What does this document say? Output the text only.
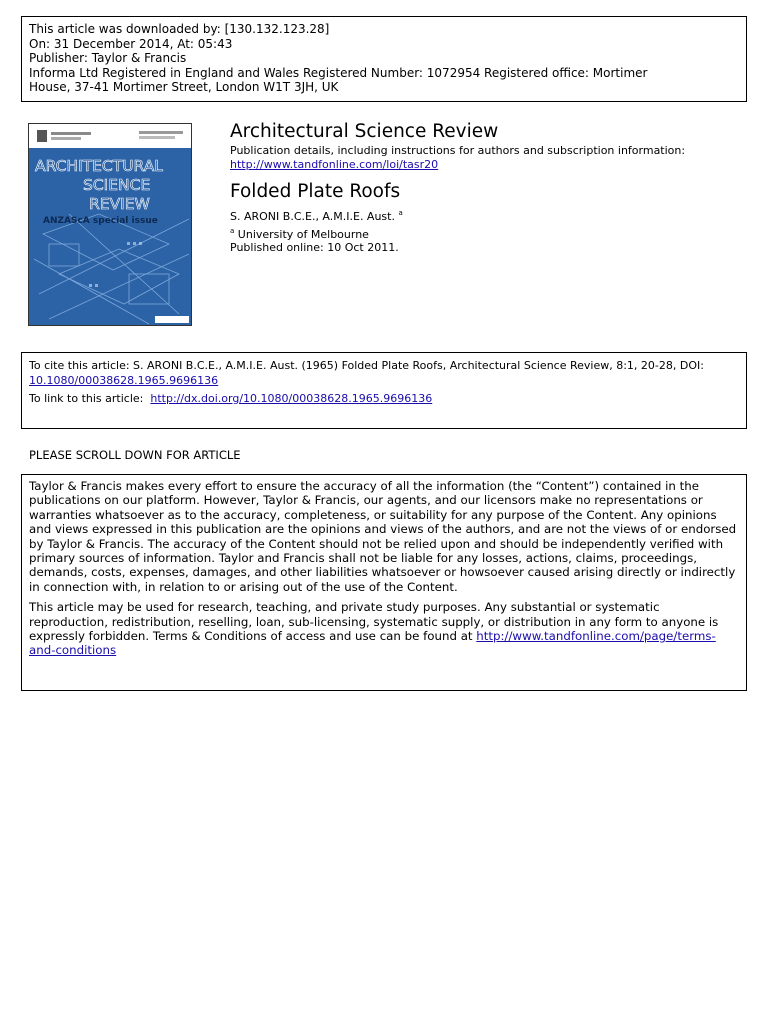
This article was downloaded by: [130.132.123.28]
On: 31 December 2014, At: 05:43
Publisher: Taylor & Francis
Informa Ltd Registered in England and Wales Registered Number: 1072954 Registered office: Mortimer
House, 37-41 Mortimer Street, London W1T 3JH, UK
ARCHITECTURAL
SCIENCE
REVIEW
ANZAScA special issue
Architectural Science Review
Publication details, including instructions for authors and subscription information:
http://www.tandfonline.com/loi/tasr20
Folded Plate Roofs
S. ARONI B.C.E., A.M.I.E. Aust. $^a$
$^a$ University of Melbourne
Published online: 10 Oct 2011.
To cite this article: S. ARONI B.C.E., A.M.I.E. Aust. (1965) Folded Plate Roofs, Architectural Science Review, 8:1, 20-28, DOI: 10.1080/00038628.1965.9696136
To link to this article: http://dx.doi.org/10.1080/00038628.1965.9696136
PLEASE SCROLL DOWN FOR ARTICLE

Taylor & Francis makes every effort to ensure the accuracy of all the information (the “Content”) contained in the publications on our platform. However, Taylor & Francis, our agents, and our licensors make no representations or warranties whatsoever as to the accuracy, completeness, or suitability for any purpose of the Content. Any opinions and views expressed in this publication are the opinions and views of the authors, and are not the views of or endorsed by Taylor & Francis. The accuracy of the Content should not be relied upon and should be independently verified with primary sources of information. Taylor and Francis shall not be liable for any losses, actions, claims, proceedings, demands, costs, expenses, damages, and other liabilities whatsoever or howsoever caused arising directly or indirectly in connection with, in relation to or arising out of the use of the Content.

This article may be used for research, teaching, and private study purposes. Any substantial or systematic reproduction, redistribution, reselling, loan, sub-licensing, systematic supply, or distribution in any form to anyone is expressly forbidden. Terms & Conditions of access and use can be found at http://www.tandfonline.com/page/terms-and-conditions
